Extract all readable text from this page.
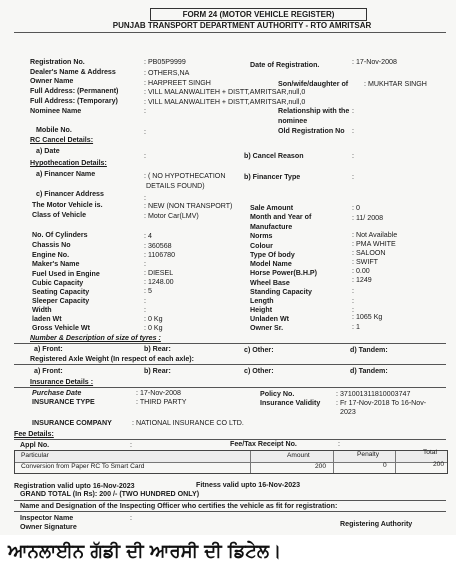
FORM 24 (MOTOR VEHICLE REGISTER)
PUNJAB TRANSPORT DEPARTMENT AUTHORITY - RTO AMRITSAR
Registration No.	: PB05P9999	Date of Registration.	: 17-Nov-2008
Dealer's Name & Address	: OTHERS,NA
Owner Name	: HARPREET SINGH	Son/wife/daughter of : MUKHTAR SINGH
Full Address: (Permanent)	: VILL MALANWALITEH + DISTT,AMRITSAR,null,0
Full Address: (Temporary)	: VILL MALANWALITEH + DISTT,AMRITSAR,null,0
Nominee Name	:	Relationship with the :
nominee
Mobile No.	:	Old Registration No :
RC Cancel Details:
a) Date
:	b) Cancel Reason	:
Hypothecation Details:
a) Financer Name	: ( NO HYPOTHECATION
DETAILS FOUND)
b) Financer Type	:
c) Financer Address	:
The Motor Vehicle is.	: NEW (NON TRANSPORT) Sale Amount	: 0
Class of Vehicle	: Motor Car(LMV)	Month and Year of	: 11/ 2008
Manufacture
No. Of Cylinders	: 4	Norms	: Not Available
Chassis No	: 360568	Colour	: PMA WHITE
Engine No.	: 1106780	Type Of body	: SALOON
Maker's Name	:	Model Name	: SWIFT
Fuel Used in Engine	: DIESEL	Horse Power(B.H.P)	: 0.00
Cubic Capacity	: 1248.00	Wheel Base	: 1249
Seating Capacity	: 5	Standing Capacity	:
Sleeper Capacity	:	Length	:
Width	:	Height	:
laden Wt	: 0 Kg	Unladen Wt	: 1065 Kg
Gross Vehicle Wt	: 0 Kg	Owner Sr.	: 1
Number & Description of size of tyres :
a) Front:	b) Rear:	c) Other:	d) Tandem:
Registered Axle Weight (In respect of each axle):
a) Front:	b) Rear:	c) Other:	d) Tandem:
Insurance Details :
Purchase Date	: 17-Nov-2008	Policy No.	: 371001311810003747
INSURANCE TYPE	: THIRD PARTY	Insurance Validity : Fr 17-Nov-2018 To 16-Nov-
2023
INSURANCE COMPANY	: NATIONAL INSURANCE CO LTD.
Fee Details:
Appl No.	:	Fee/Tax Receipt No.	:
Particular	Amount	Penalty	Total
Conversion from Paper RC To Smart Card	200	0	200
Registration valid upto 16-Nov-2023	Fitness valid upto 16-Nov-2023
GRAND TOTAL (In Rs): 200 /- (TWO HUNDRED ONLY)
Name and Designation of the Inspecting Officer who certifies the vehicle as fit for registration:
Inspector Name	:
Owner Signature	Registering Authority
ਆਨਲਾਈਨ ਗੱਡੀ ਦੀ ਆਰਸੀ ਦੀ ਡਿਟੇਲ।
